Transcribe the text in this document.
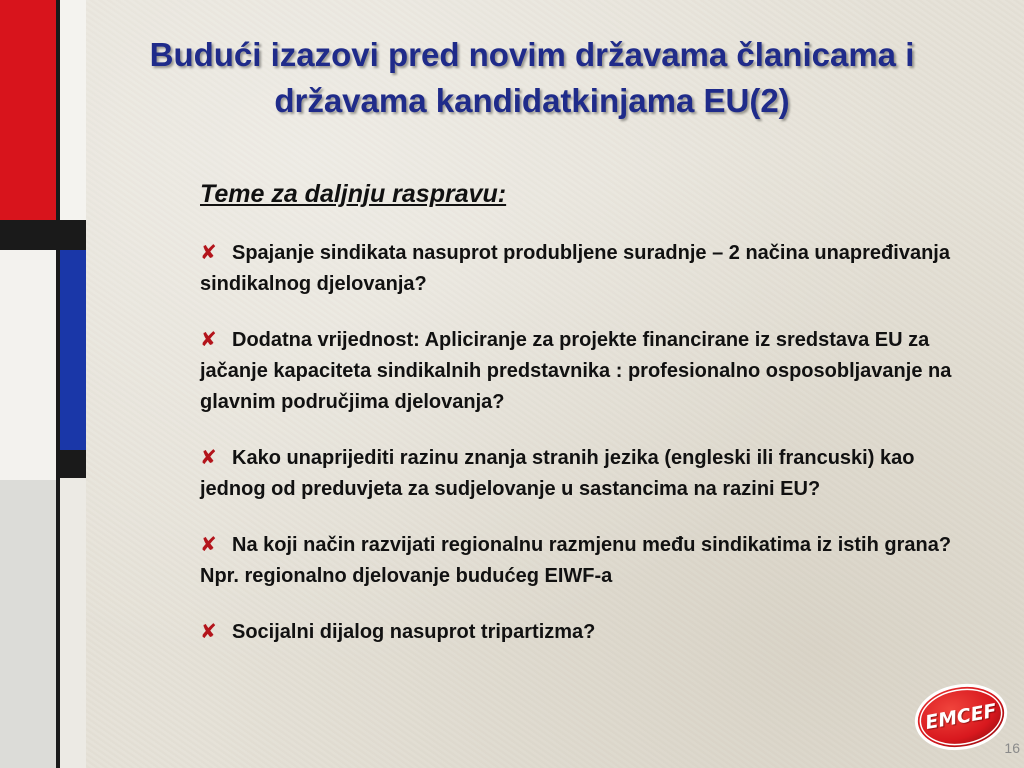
Budući izazovi pred novim državama članicama i
državama kandidatkinjama EU(2)
Teme za daljnju raspravu:
✘ Spajanje sindikata nasuprot produbljene suradnje – 2 načina unapređivanja sindikalnog djelovanja?
✘ Dodatna vrijednost: Apliciranje za projekte financirane iz sredstava EU za jačanje kapaciteta sindikalnih predstavnika : profesionalno osposobljavanje na glavnim područjima djelovanja?
✘ Kako unaprijediti razinu znanja stranih jezika (engleski ili francuski) kao jednog od preduvjeta za sudjelovanje u sastancima na razini EU?
✘ Na koji način razvijati regionalnu razmjenu među sindikatima iz istih grana? Npr. regionalno djelovanje budućeg EIWF-a
✘ Socijalni dijalog nasuprot tripartizma?
EMCEF
16
